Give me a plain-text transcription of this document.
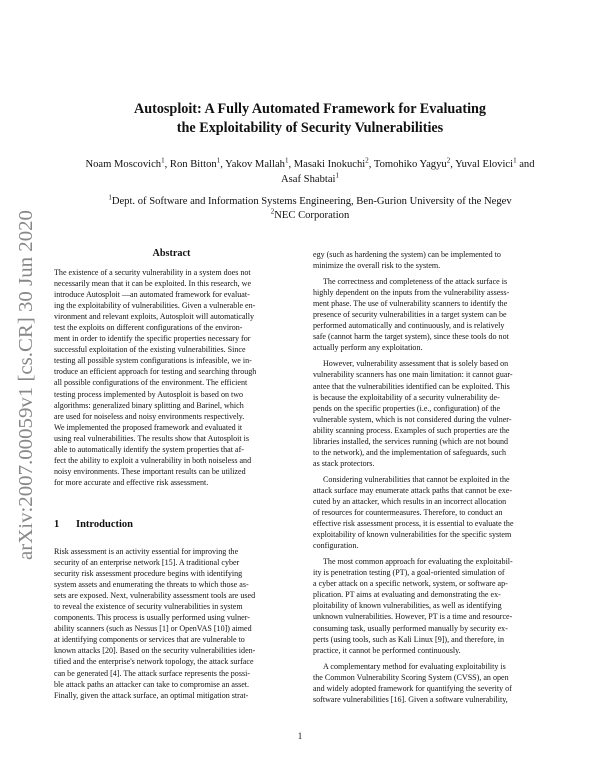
arXiv:2007.00059v1 [cs.CR] 30 Jun 2020
Autosploit: A Fully Automated Framework for Evaluating
the Exploitability of Security Vulnerabilities
Noam Moscovich$^1$, Ron Bitton$^1$, Yakov Mallah$^1$, Masaki Inokuchi$^2$, Tomohiko Yagyu$^2$, Yuval Elovici$^1$ and
Asaf Shabtai$^1$
$^1$Dept. of Software and Information Systems Engineering, Ben-Gurion University of the Negev
$^2$NEC Corporation
Abstract
The existence of a security vulnerability in a system does not
necessarily mean that it can be exploited. In this research, we
introduce Autosploit —an automated framework for evaluat-
ing the exploitability of vulnerabilities. Given a vulnerable en-
vironment and relevant exploits, Autosploit will automatically
test the exploits on different configurations of the environ-
ment in order to identify the specific properties necessary for
successful exploitation of the existing vulnerabilities. Since
testing all possible system configurations is infeasible, we in-
troduce an efficient approach for testing and searching through
all possible configurations of the environment. The efficient
testing process implemented by Autosploit is based on two
algorithms: generalized binary splitting and Barinel, which
are used for noiseless and noisy environments respectively.
We implemented the proposed framework and evaluated it
using real vulnerabilities. The results show that Autosploit is
able to automatically identify the system properties that af-
fect the ability to exploit a vulnerability in both noiseless and
noisy environments. These important results can be utilized
for more accurate and effective risk assessment.
1 Introduction
Risk assessment is an activity essential for improving the
security of an enterprise network [15]. A traditional cyber
security risk assessment procedure begins with identifying
system assets and enumerating the threats to which those as-
sets are exposed. Next, vulnerability assessment tools are used
to reveal the existence of security vulnerabilities in system
components. This process is usually performed using vulner-
ability scanners (such as Nessus [1] or OpenVAS [10]) aimed
at identifying components or services that are vulnerable to
known attacks [20]. Based on the security vulnerabilities iden-
tified and the enterprise's network topology, the attack surface
can be generated [4]. The attack surface represents the possi-
ble attack paths an attacker can take to compromise an asset.
Finally, given the attack surface, an optimal mitigation strat-
egy (such as hardening the system) can be implemented to
minimize the overall risk to the system.
The correctness and completeness of the attack surface is
highly dependent on the inputs from the vulnerability assess-
ment phase. The use of vulnerability scanners to identify the
presence of security vulnerabilities in a target system can be
performed automatically and continuously, and is relatively
safe (cannot harm the target system), since these tools do not
actually perform any exploitation.
However, vulnerability assessment that is solely based on
vulnerability scanners has one main limitation: it cannot guar-
antee that the vulnerabilities identified can be exploited. This
is because the exploitability of a security vulnerability de-
pends on the specific properties (i.e., configuration) of the
vulnerable system, which is not considered during the vulner-
ability scanning process. Examples of such properties are the
libraries installed, the services running (which are not bound
to the network), and the implementation of safeguards, such
as stack protectors.
Considering vulnerabilities that cannot be exploited in the
attack surface may enumerate attack paths that cannot be exe-
cuted by an attacker, which results in an incorrect allocation
of resources for countermeasures. Therefore, to conduct an
effective risk assessment process, it is essential to evaluate the
exploitability of known vulnerabilities for the specific system
configuration.
The most common approach for evaluating the exploitabil-
ity is penetration testing (PT), a goal-oriented simulation of
a cyber attack on a specific network, system, or software ap-
plication. PT aims at evaluating and demonstrating the ex-
ploitability of known vulnerabilities, as well as identifying
unknown vulnerabilities. However, PT is a time and resource-
consuming task, usually performed manually by security ex-
perts (using tools, such as Kali Linux [9]), and therefore, in
practice, it cannot be performed continuously.
A complementary method for evaluating exploitability is
the Common Vulnerability Scoring System (CVSS), an open
and widely adopted framework for quantifying the severity of
software vulnerabilities [16]. Given a software vulnerability,
1
